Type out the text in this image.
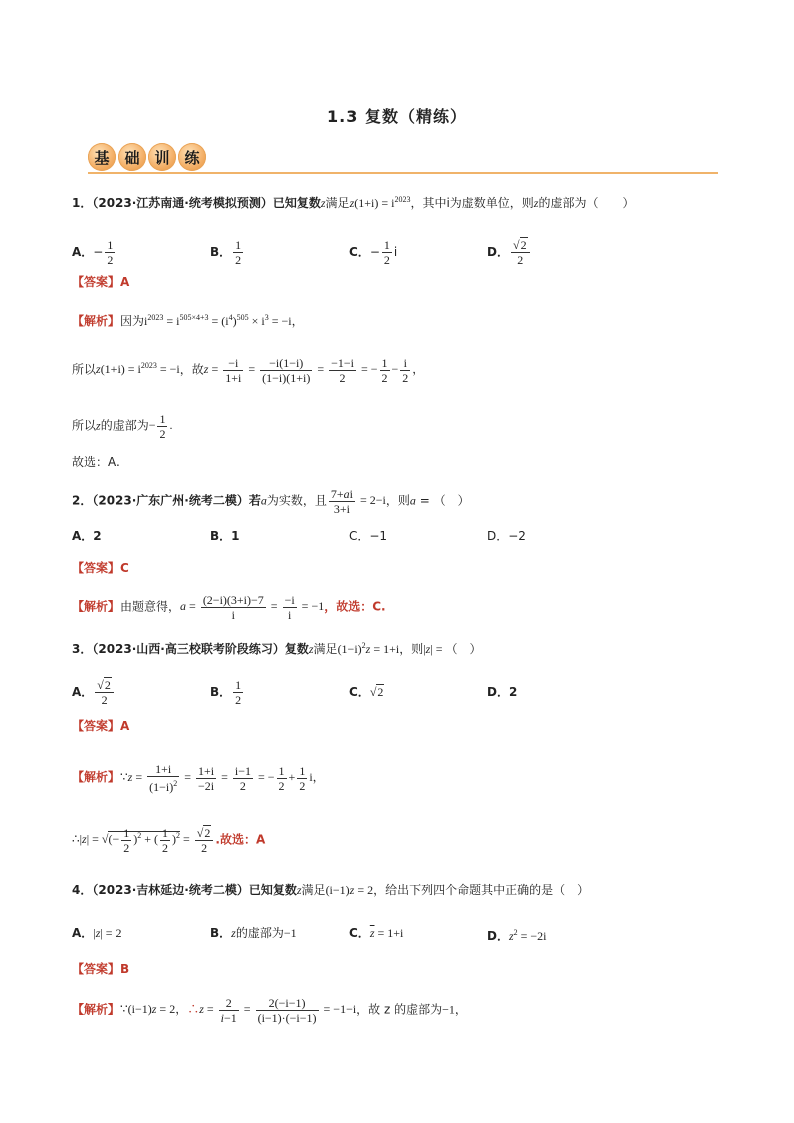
1.3 复数（精练）
基 础 训 练
1．（2023·江苏南通·统考模拟预测）已知复数z满足$z(1+i) = i^{2023}$，其中i为虚数单位，则z的虚部为（　　）
A．− $\frac{1}{2}$	B． $\frac{1}{2}$	C．− $\frac{1}{2}$ i	D． $\frac{√2}{2}$
【答案】A
【解析】因为$i^{2023} = i^{505\times 4+3} = (i^4)^{505} \times i^3 = -i$，
所以$z(1+i) = i^{2023} = -i$，故$z = \frac{-i}{1+i} = \frac{-i(1-i)}{(1-i)(1+i)} = \frac{-1-i}{2}$ = − $\frac{1}{2} - \frac{i}{2}$ ，
所以z的虚部为− $\frac{1}{2}$ .
故选：A.
2．（2023·广东广州·统考二模）若a为实数，且 $\frac{7+ai}{3+i} = 2-i$，则a = （　）
A．2	B．1	C．−1	D．−2
【答案】C
【解析】由题意得，$a = \frac{(2-i)(3+i)-7}{i} = \frac{-i}{i} = -1$，故选：C.
3．（2023·山西·高三校联考阶段练习）复数z满足$(1-i)^2z = 1+i$，则|z| = （　）
A． $\frac{√2}{2}$	B． $\frac{1}{2}$	C．√2	D．2
【答案】A
【解析】∵z = $\frac{1+i}{(1-i)^2} = \frac{1+i}{-2i} = \frac{i-1}{2}$ = − $\frac{1}{2} + \frac{1}{2}$ i，
∴|z| = √(− $\frac{1}{2} )^2$ + ( $\frac{1}{2} )^2 = \frac{√2}{2}$ .故选：A
4．（2023·吉林延边·统考二模）已知复数z满足(i−1)z = 2，给出下列四个命题其中正确的是（　）
A．|z| = 2	B．z的虚部为−1	C．$\overline{z} = 1+i$	D．$z^2 = -2i$
【答案】B
【解析】∵(i−1)z = 2，∴z = $\frac{2}{i-1} = \frac{2(-i-1)}{(i-1)\cdot(-i-1)} = -1-i$，故 z 的虚部为−1，
